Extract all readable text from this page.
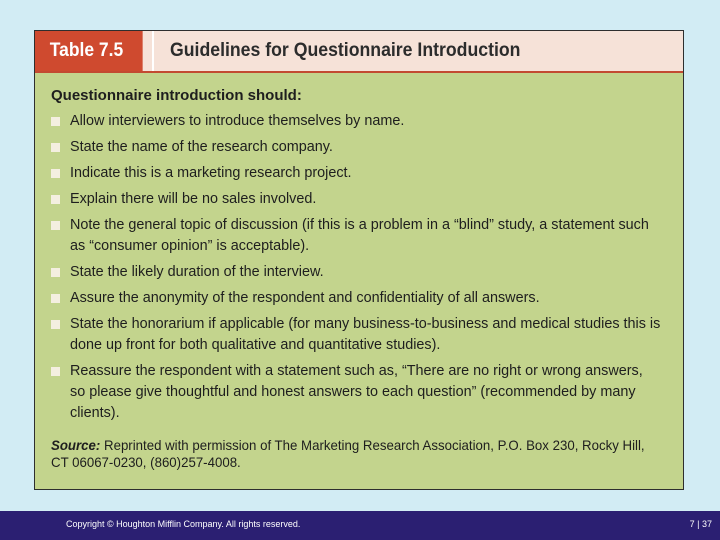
Table 7.5	Guidelines for Questionnaire Introduction
Questionnaire introduction should:
Allow interviewers to introduce themselves by name.
State the name of the research company.
Indicate this is a marketing research project.
Explain there will be no sales involved.
Note the general topic of discussion (if this is a problem in a “blind” study, a statement such as “consumer opinion” is acceptable).
State the likely duration of the interview.
Assure the anonymity of the respondent and confidentiality of all answers.
State the honorarium if applicable (for many business-to-business and medical studies this is done up front for both qualitative and quantitative studies).
Reassure the respondent with a statement such as, “There are no right or wrong answers, so please give thoughtful and honest answers to each question” (recommended by many clients).
Source: Reprinted with permission of The Marketing Research Association, P.O. Box 230, Rocky Hill, CT 06067-0230, (860)257-4008.
Copyright © Houghton Mifflin Company. All rights reserved.	7 | 37
